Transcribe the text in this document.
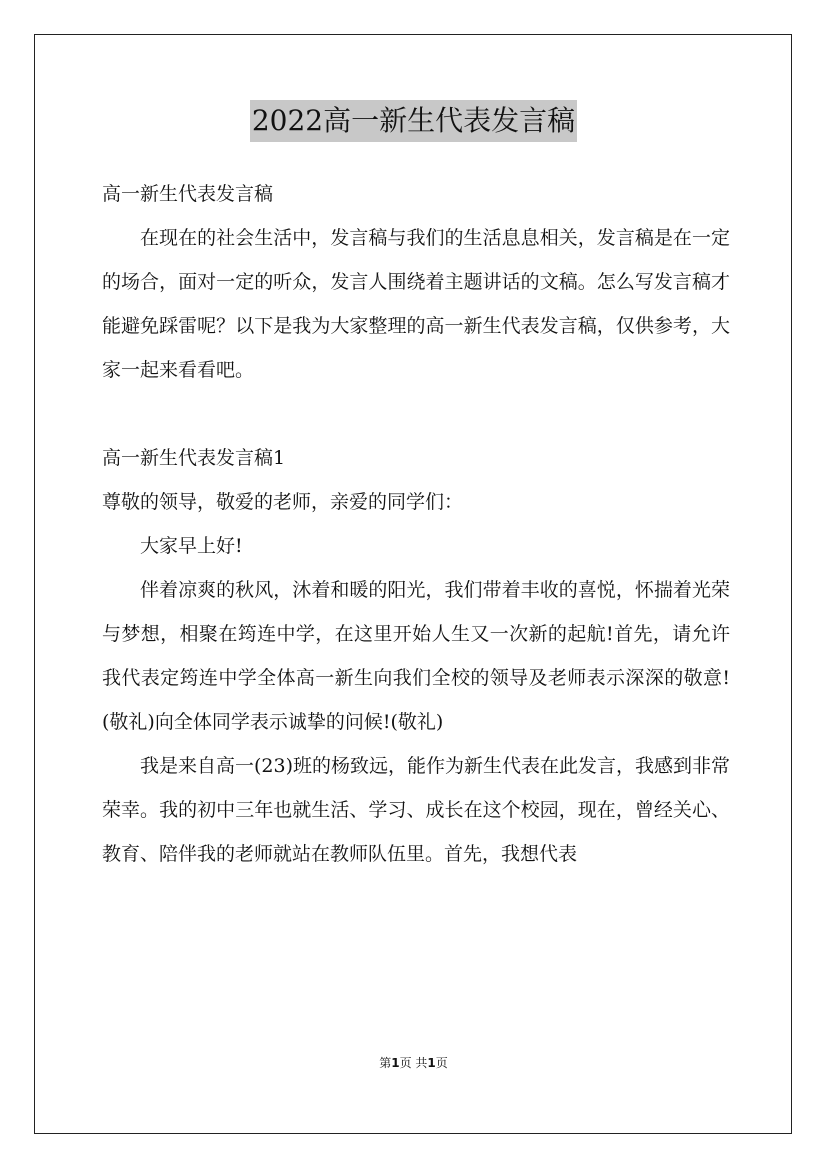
2022高一新生代表发言稿

高一新生代表发言稿

在现在的社会生活中，发言稿与我们的生活息息相关，发言稿是在一定的场合，面对一定的听众，发言人围绕着主题讲话的文稿。怎么写发言稿才能避免踩雷呢？以下是我为大家整理的高一新生代表发言稿，仅供参考，大家一起来看看吧。

高一新生代表发言稿1

尊敬的领导，敬爱的老师，亲爱的同学们：

大家早上好!

伴着凉爽的秋风，沐着和暖的阳光，我们带着丰收的喜悦，怀揣着光荣与梦想，相聚在筠连中学，在这里开始人生又一次新的起航!首先，请允许我代表定筠连中学全体高一新生向我们全校的领导及老师表示深深的敬意!(敬礼)向全体同学表示诚挚的问候!(敬礼)

我是来自高一(23)班的杨致远，能作为新生代表在此发言，我感到非常荣幸。我的初中三年也就生活、学习、成长在这个校园，现在，曾经关心、教育、陪伴我的老师就站在教师队伍里。首先，我想代表

第1页 共1页
